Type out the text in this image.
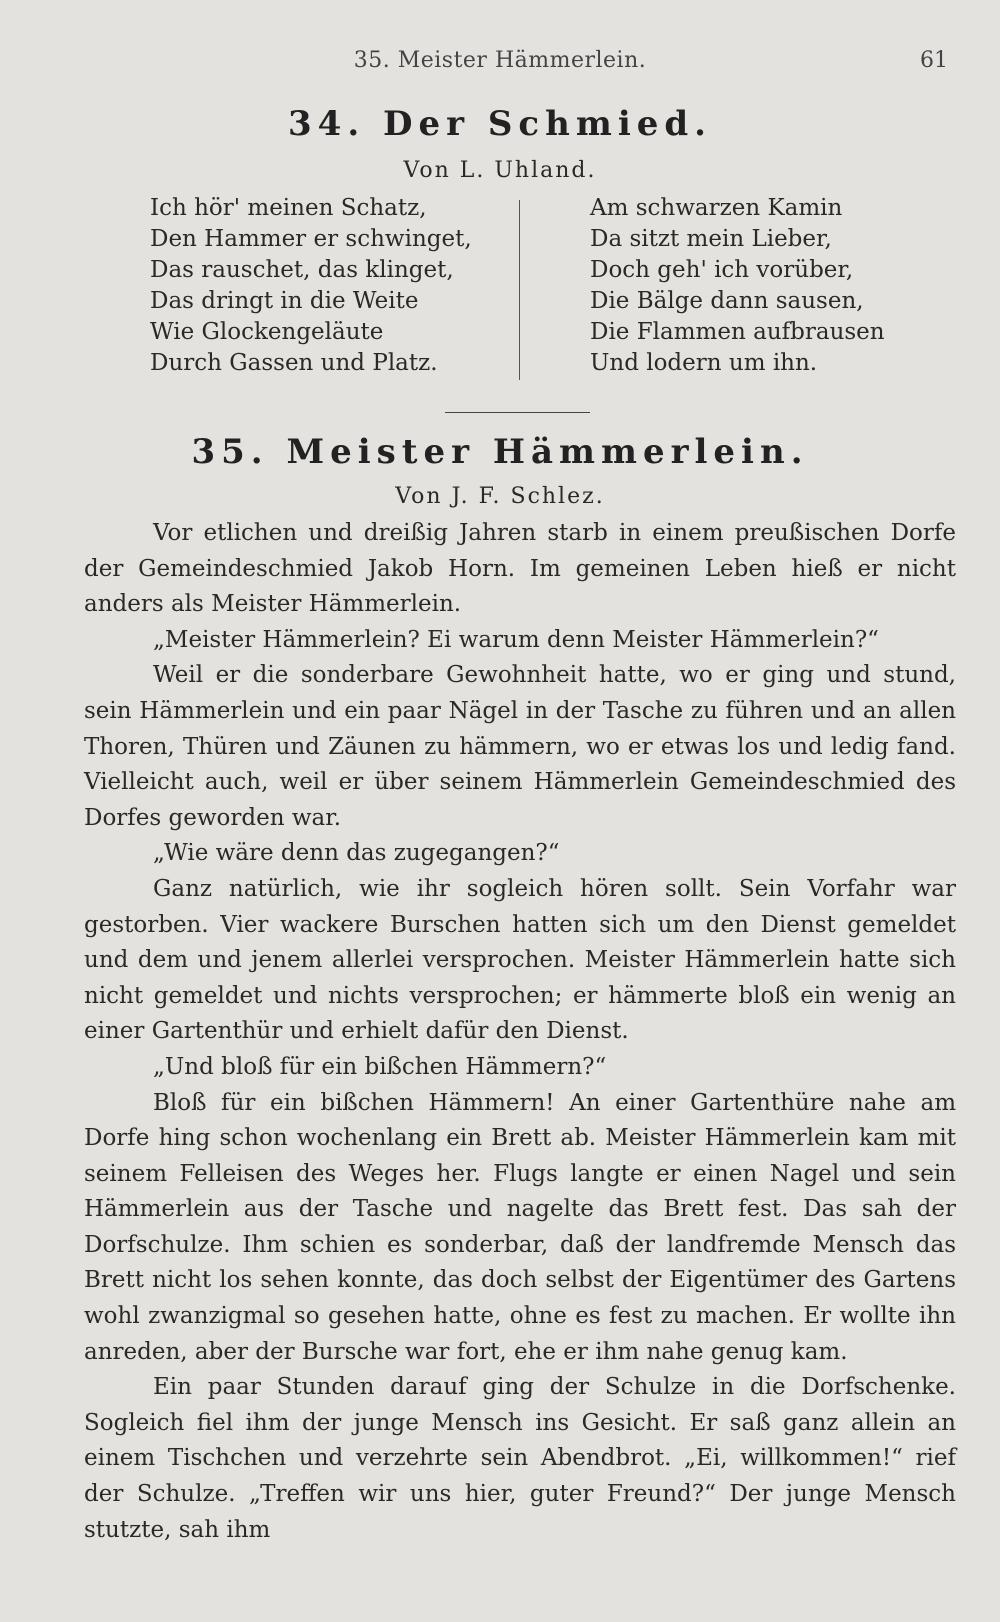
35. Meister Hämmerlein.	61
34. Der Schmied.
Von L. Uhland.
Ich hör' meinen Schatz,
Den Hammer er schwinget,
Das rauschet, das klinget,
Das dringt in die Weite
Wie Glockengeläute
Durch Gassen und Platz.
Am schwarzen Kamin
Da sitzt mein Lieber,
Doch geh' ich vorüber,
Die Bälge dann sausen,
Die Flammen aufbrausen
Und lodern um ihn.
35. Meister Hämmerlein.
Von J. F. Schlez.

Vor etlichen und dreißig Jahren starb in einem preußischen Dorfe der Gemeindeschmied Jakob Horn. Im gemeinen Leben hieß er nicht anders als Meister Hämmerlein.

„Meister Hämmerlein? Ei warum denn Meister Hämmerlein?“

Weil er die sonderbare Gewohnheit hatte, wo er ging und stund, sein Hämmerlein und ein paar Nägel in der Tasche zu führen und an allen Thoren, Thüren und Zäunen zu hämmern, wo er etwas los und ledig fand. Vielleicht auch, weil er über seinem Hämmerlein Gemeindeschmied des Dorfes geworden war.

„Wie wäre denn das zugegangen?“

Ganz natürlich, wie ihr sogleich hören sollt. Sein Vorfahr war gestorben. Vier wackere Burschen hatten sich um den Dienst gemeldet und dem und jenem allerlei versprochen. Meister Hämmerlein hatte sich nicht gemeldet und nichts versprochen; er hämmerte bloß ein wenig an einer Gartenthür und erhielt dafür den Dienst.

„Und bloß für ein bißchen Hämmern?“

Bloß für ein bißchen Hämmern! An einer Gartenthüre nahe am Dorfe hing schon wochenlang ein Brett ab. Meister Hämmerlein kam mit seinem Felleisen des Weges her. Flugs langte er einen Nagel und sein Hämmerlein aus der Tasche und nagelte das Brett fest. Das sah der Dorfschulze. Ihm schien es sonderbar, daß der landfremde Mensch das Brett nicht los sehen konnte, das doch selbst der Eigentümer des Gartens wohl zwanzigmal so gesehen hatte, ohne es fest zu machen. Er wollte ihn anreden, aber der Bursche war fort, ehe er ihm nahe genug kam.

Ein paar Stunden darauf ging der Schulze in die Dorfschenke. Sogleich fiel ihm der junge Mensch ins Gesicht. Er saß ganz allein an einem Tischchen und verzehrte sein Abendbrot. „Ei, willkommen!“ rief der Schulze. „Treffen wir uns hier, guter Freund?“ Der junge Mensch stutzte, sah ihm
